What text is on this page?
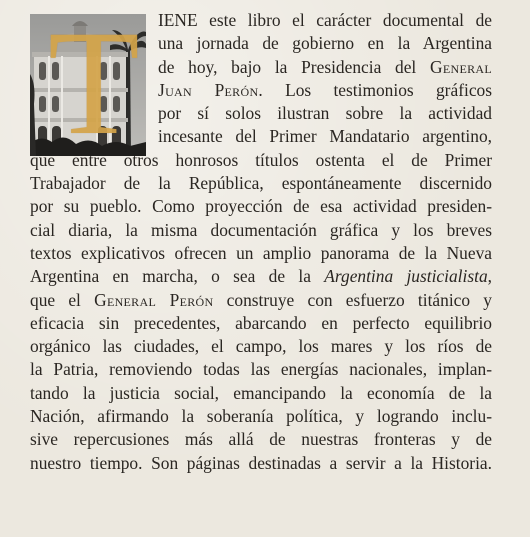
T	IENE este libro el carácter documental de
una jornada de gobierno en la Argentina
de hoy, bajo la Presidencia del General
Juan Perón. Los testimonios gráficos
por sí solos ilustran sobre la actividad
incesante del Primer Mandatario argentino,
que entre otros honrosos títulos ostenta el de Primer
Trabajador de la República, espontáneamente discernido
por su pueblo. Como proyección de esa actividad presiden-
cial diaria, la misma documentación gráfica y los breves
textos explicativos ofrecen un amplio panorama de la Nueva
Argentina en marcha, o sea de la Argentina justicialista,
que el General Perón construye con esfuerzo titánico y
eficacia sin precedentes, abarcando en perfecto equilibrio
orgánico las ciudades, el campo, los mares y los ríos de
la Patria, removiendo todas las energías nacionales, implan-
tando la justicia social, emancipando la economía de la
Nación, afirmando la soberanía política, y logrando inclu-
sive repercusiones más allá de nuestras fronteras y de
nuestro tiempo. Son páginas destinadas a servir a la Historia.
